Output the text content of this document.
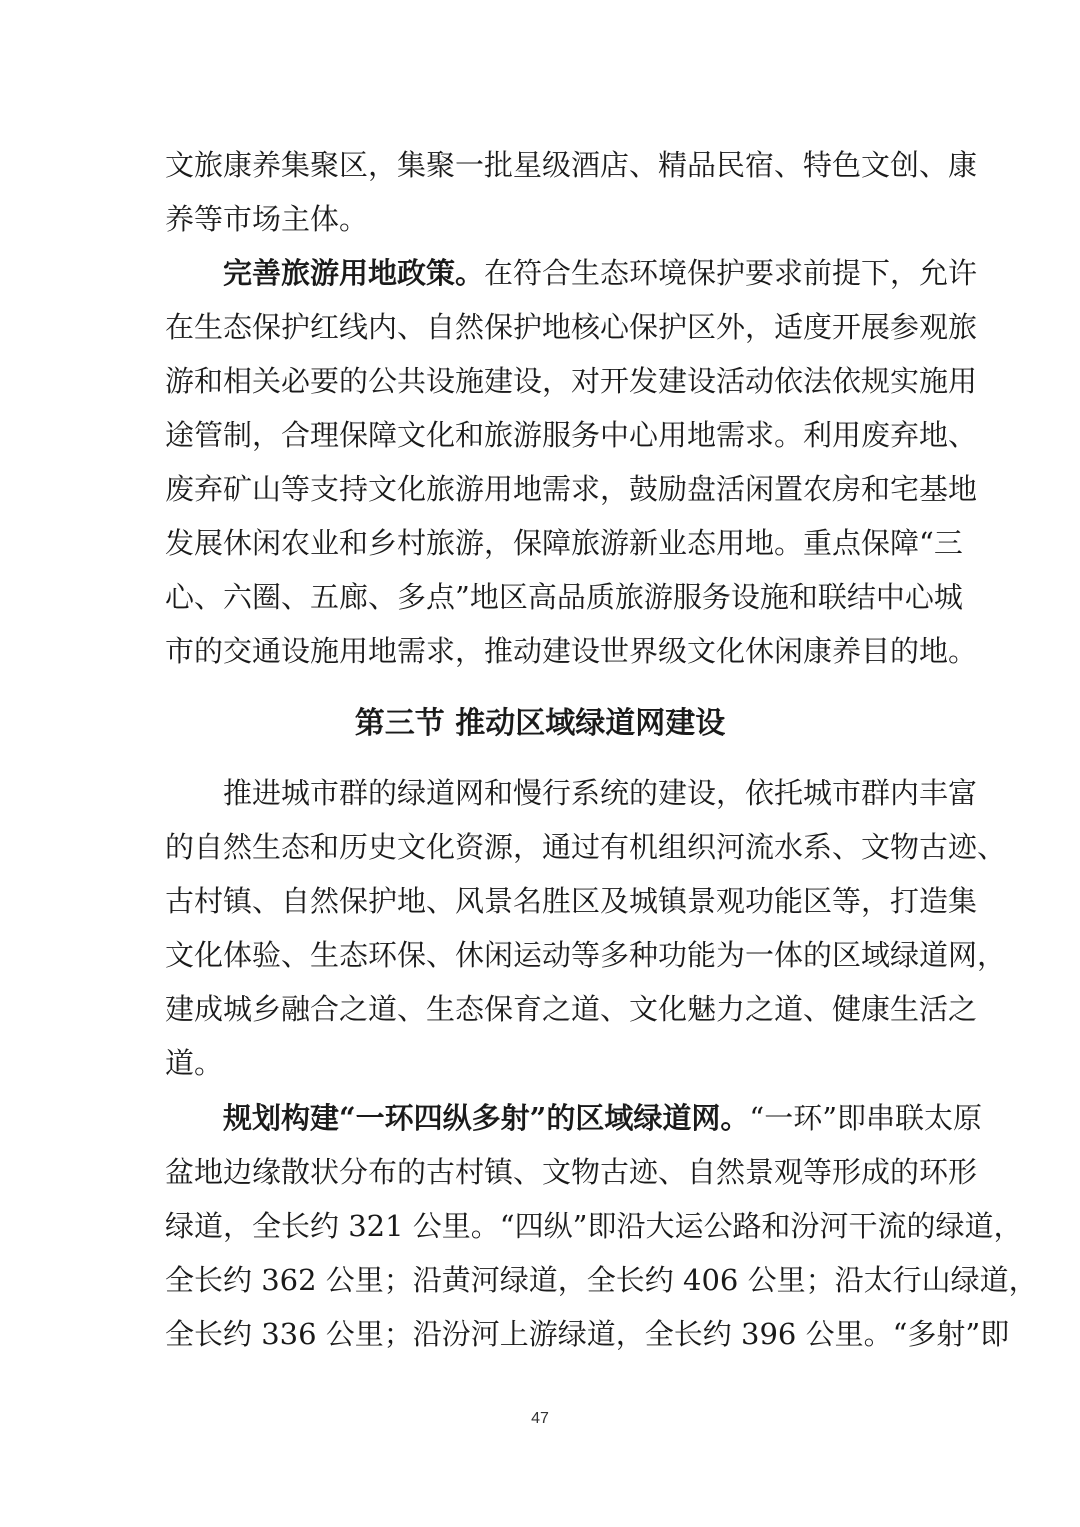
文旅康养集聚区，集聚一批星级酒店、精品民宿、特色文创、康
养等市场主体。
完善旅游用地政策。在符合生态环境保护要求前提下，允许
在生态保护红线内、自然保护地核心保护区外，适度开展参观旅
游和相关必要的公共设施建设，对开发建设活动依法依规实施用
途管制，合理保障文化和旅游服务中心用地需求。利用废弃地、
废弃矿山等支持文化旅游用地需求，鼓励盘活闲置农房和宅基地
发展休闲农业和乡村旅游，保障旅游新业态用地。重点保障“三
心、六圈、五廊、多点”地区高品质旅游服务设施和联结中心城
市的交通设施用地需求，推动建设世界级文化休闲康养目的地。
第三节 推动区域绿道网建设
推进城市群的绿道网和慢行系统的建设，依托城市群内丰富
的自然生态和历史文化资源，通过有机组织河流水系、文物古迹、
古村镇、自然保护地、风景名胜区及城镇景观功能区等，打造集
文化体验、生态环保、休闲运动等多种功能为一体的区域绿道网，
建成城乡融合之道、生态保育之道、文化魅力之道、健康生活之
道。
规划构建“一环四纵多射”的区域绿道网。“一环”即串联太原
盆地边缘散状分布的古村镇、文物古迹、自然景观等形成的环形
绿道，全长约 321 公里。“四纵”即沿大运公路和汾河干流的绿道，
全长约 362 公里；沿黄河绿道，全长约 406 公里；沿太行山绿道，
全长约 336 公里；沿汾河上游绿道，全长约 396 公里。“多射”即
47
